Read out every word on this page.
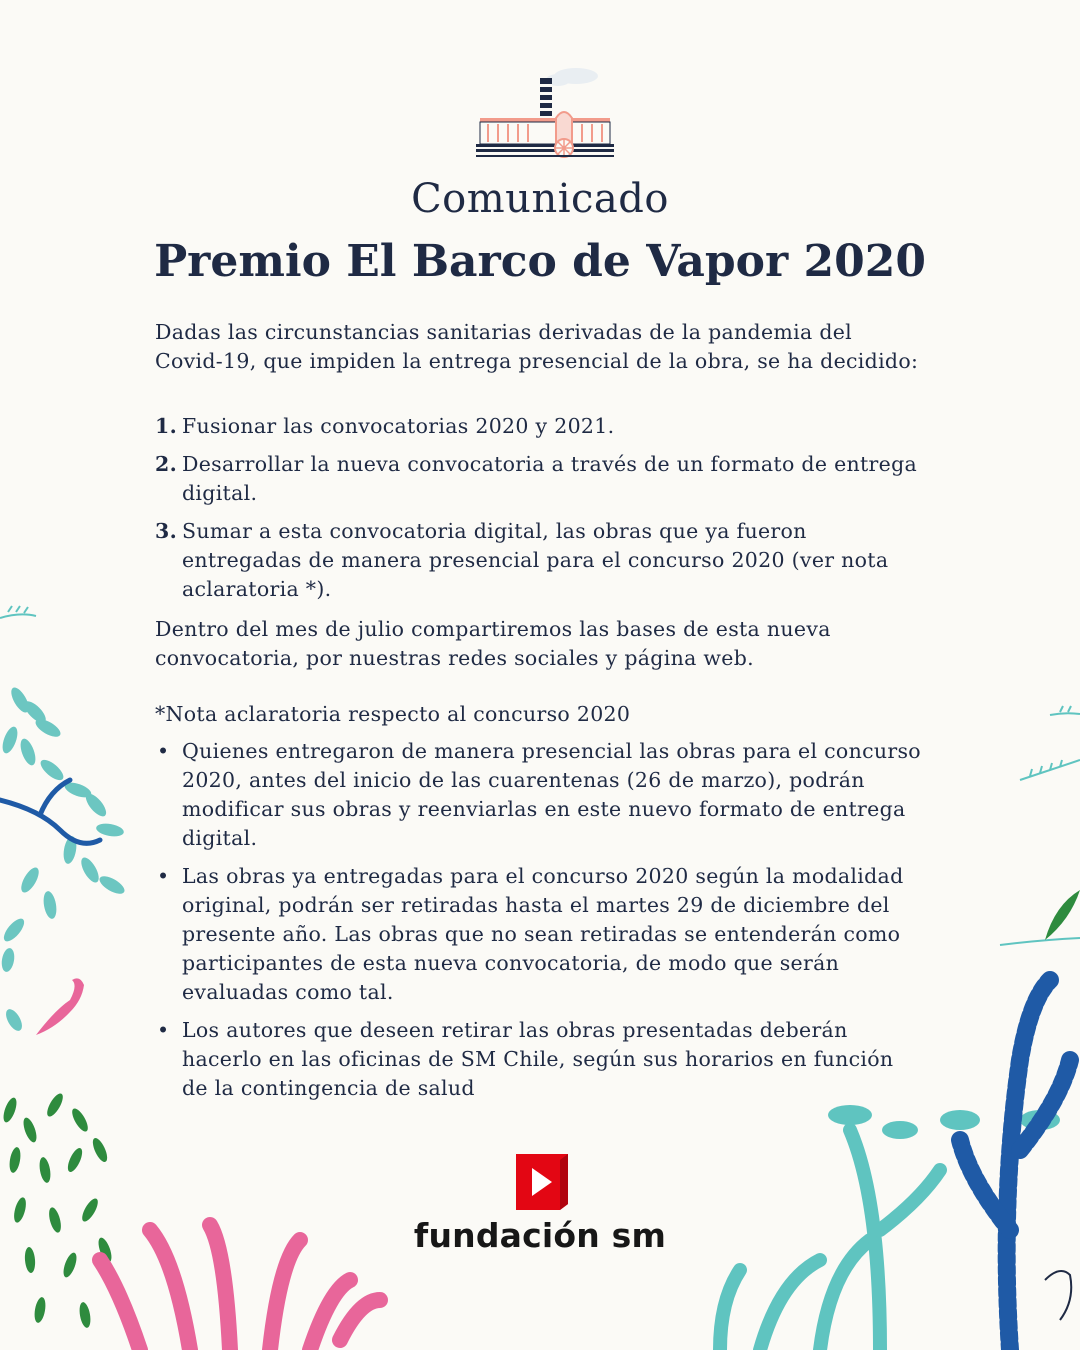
Comunicado
Premio El Barco de Vapor 2020
Dadas las circunstancias sanitarias derivadas de la pandemia del Covid-19, que impiden la entrega presencial de la obra, se ha decidido:
1. Fusionar las convocatorias 2020 y 2021.
2. Desarrollar la nueva convocatoria a través de un formato de entrega digital.
3. Sumar a esta convocatoria digital, las obras que ya fueron entregadas de manera presencial para el concurso 2020 (ver nota aclaratoria *).
Dentro del mes de julio compartiremos las bases de esta nueva convocatoria, por nuestras redes sociales y página web.
*Nota aclaratoria respecto al concurso 2020
• Quienes entregaron de manera presencial las obras para el concurso 2020, antes del inicio de las cuarentenas (26 de marzo), podrán modificar sus obras y reenviarlas en este nuevo formato de entrega digital.
• Las obras ya entregadas para el concurso 2020 según la modalidad original, podrán ser retiradas hasta el martes 29 de diciembre del presente año. Las obras que no sean retiradas se entenderán como participantes de esta nueva convocatoria, de modo que serán evaluadas como tal.
• Los autores que deseen retirar las obras presentadas deberán hacerlo en las oficinas de SM Chile, según sus horarios en función de la contingencia de salud
fundación sm
